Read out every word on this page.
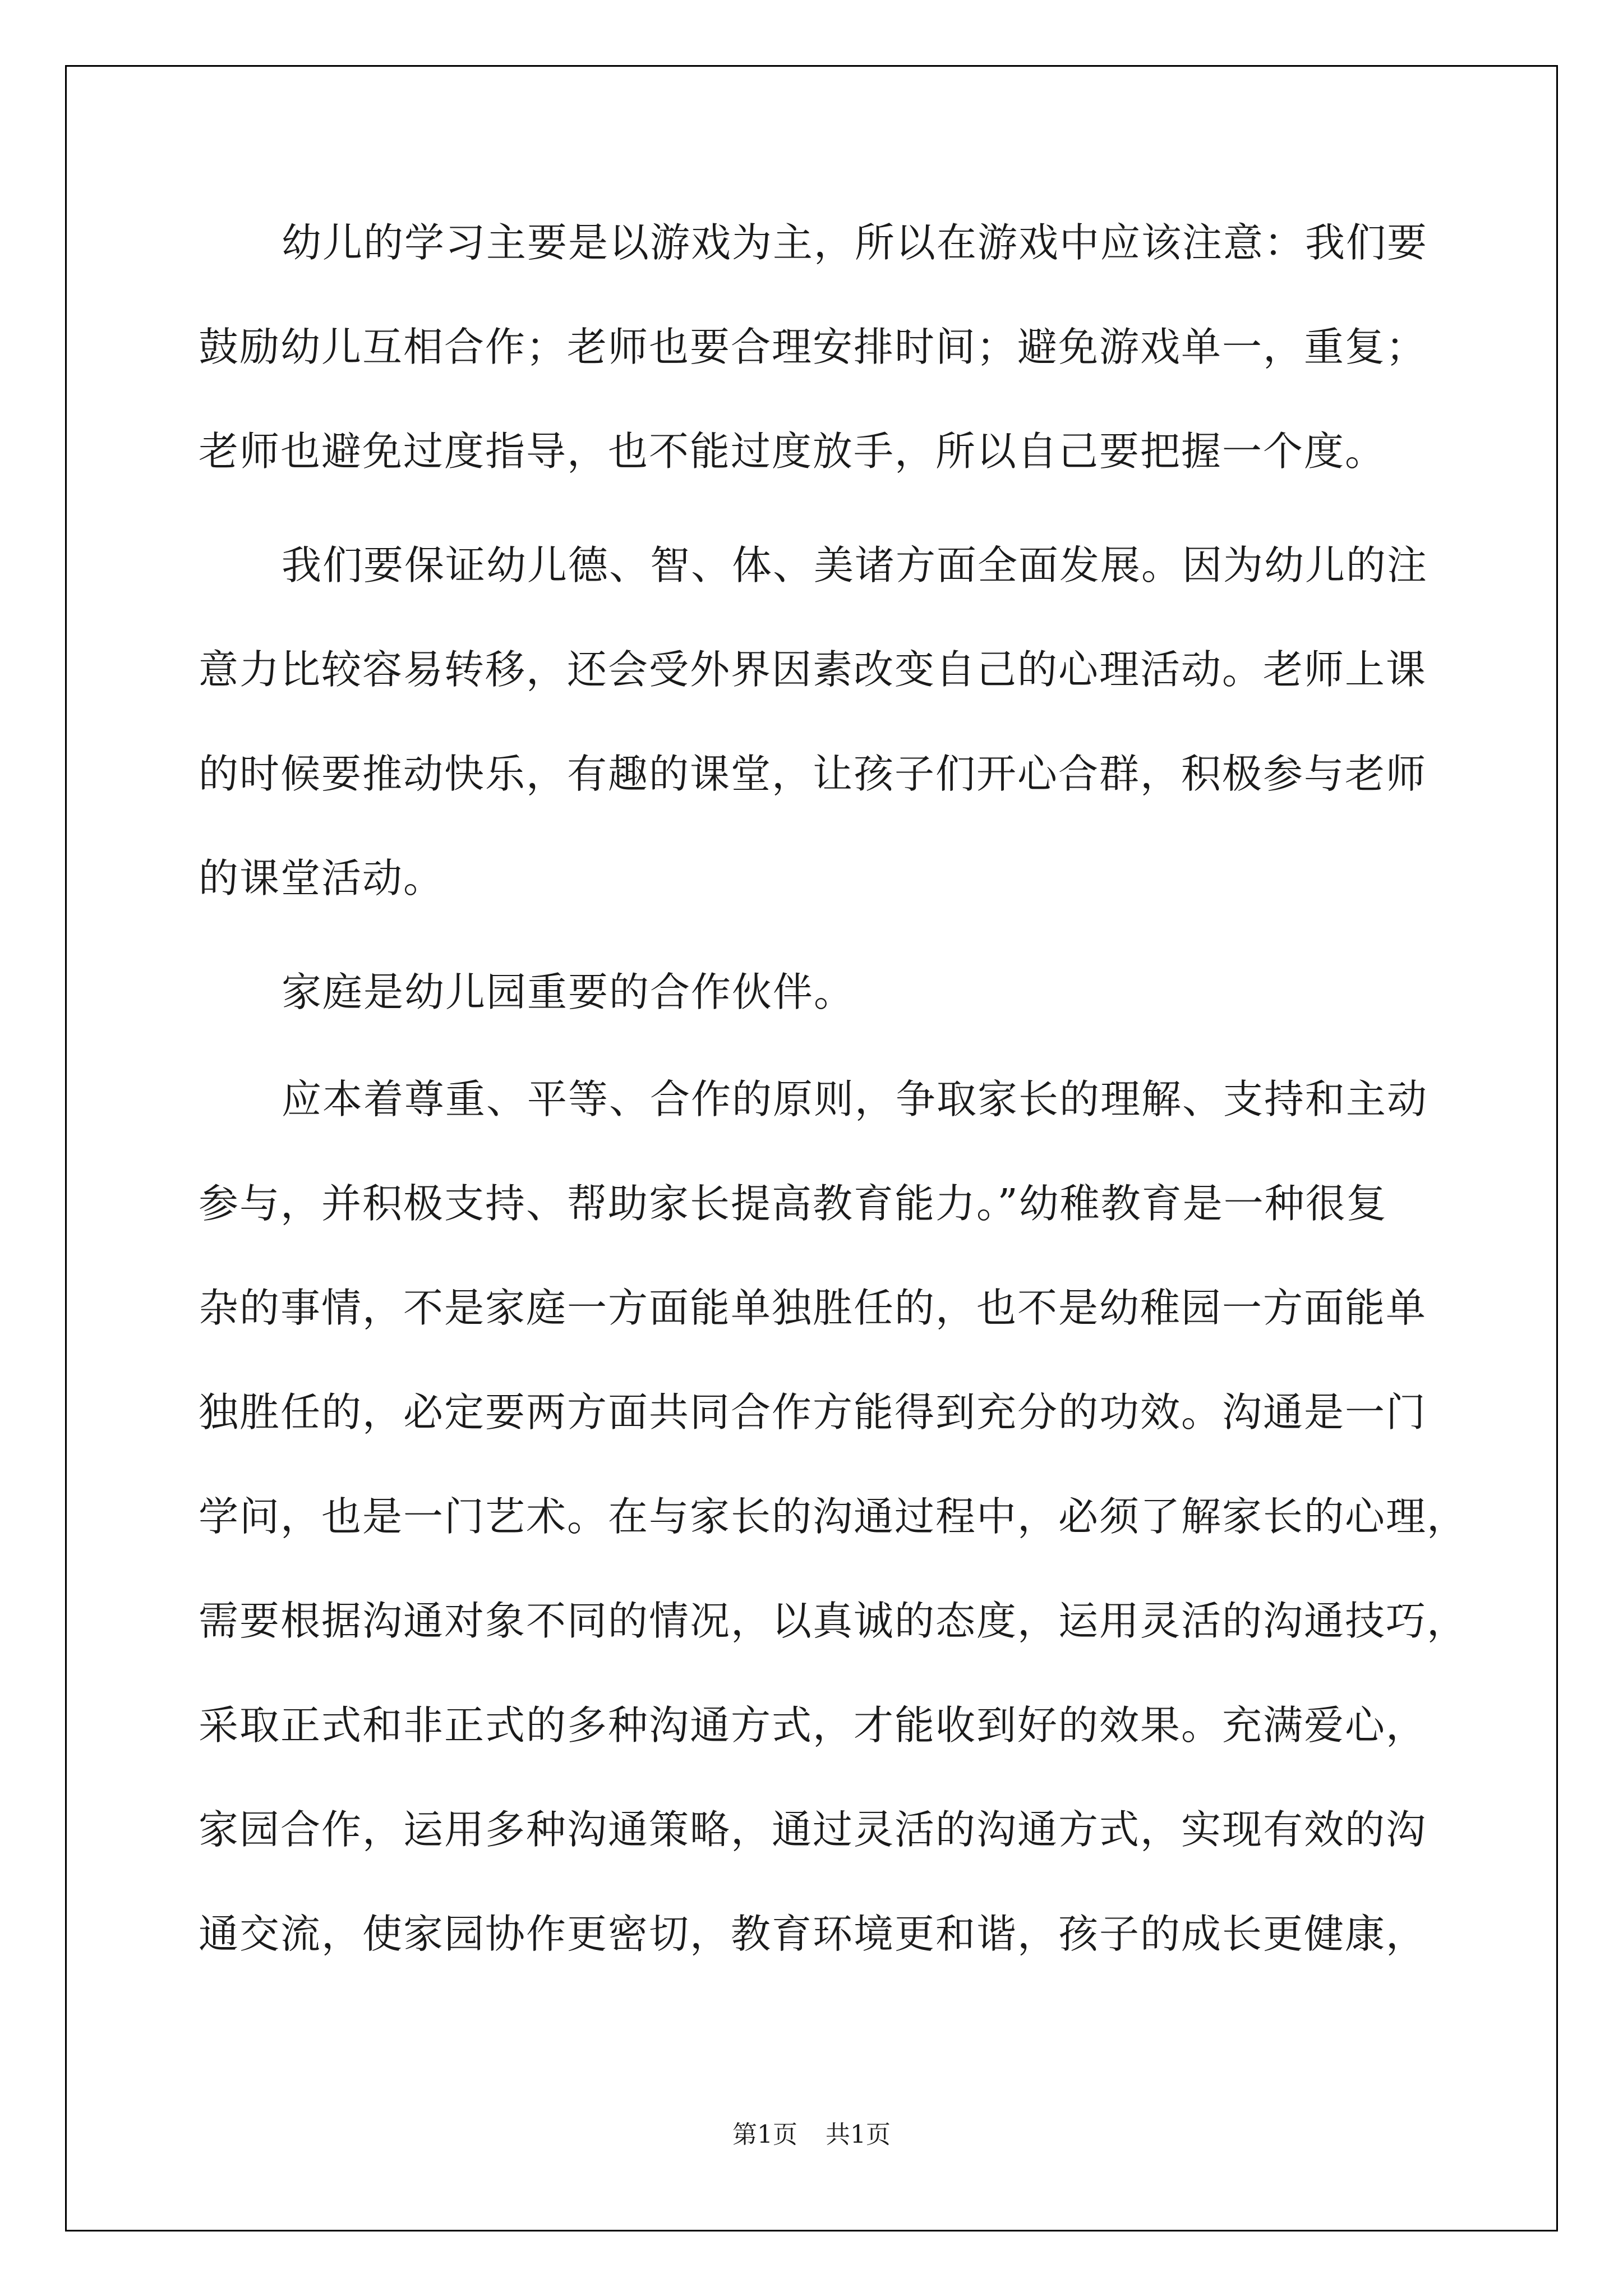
幼儿的学习主要是以游戏为主，所以在游戏中应该注意：我们要
鼓励幼儿互相合作；老师也要合理安排时间；避免游戏单一，重复；
老师也避免过度指导，也不能过度放手，所以自己要把握一个度。
我们要保证幼儿德、智、体、美诸方面全面发展。因为幼儿的注
意力比较容易转移，还会受外界因素改变自己的心理活动。老师上课
的时候要推动快乐，有趣的课堂，让孩子们开心合群，积极参与老师
的课堂活动。
家庭是幼儿园重要的合作伙伴。
应本着尊重、平等、合作的原则，争取家长的理解、支持和主动
参与，并积极支持、帮助家长提高教育能力。”幼稚教育是一种很复
杂的事情，不是家庭一方面能单独胜任的，也不是幼稚园一方面能单
独胜任的，必定要两方面共同合作方能得到充分的功效。沟通是一门
学问，也是一门艺术。在与家长的沟通过程中，必须了解家长的心理，
需要根据沟通对象不同的情况，以真诚的态度，运用灵活的沟通技巧，
采取正式和非正式的多种沟通方式，才能收到好的效果。充满爱心，
家园合作，运用多种沟通策略，通过灵活的沟通方式，实现有效的沟
通交流，使家园协作更密切，教育环境更和谐，孩子的成长更健康，
第1页 共1页
